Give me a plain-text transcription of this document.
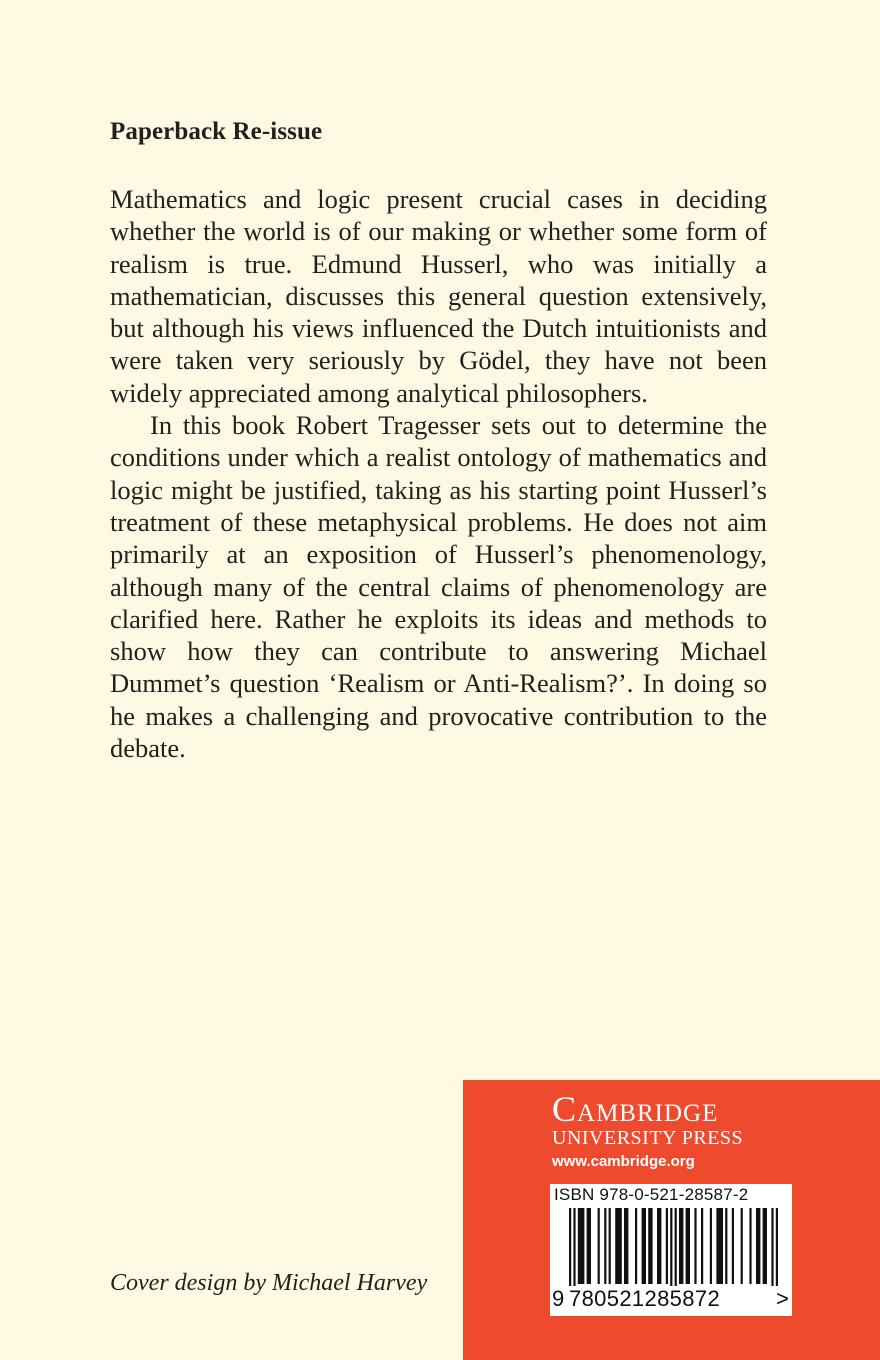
Paperback Re-issue

Mathematics and logic present crucial cases in deciding whether the world is of our making or whether some form of realism is true. Edmund Husserl, who was initially a mathematician, discusses this general question extensively, but although his views influenced the Dutch intuitionists and were taken very seriously by Gödel, they have not been widely appreciated among analytical philosophers.

In this book Robert Tragesser sets out to determine the conditions under which a realist ontology of mathematics and logic might be justified, taking as his starting point Husserl’s treatment of these metaphysical problems. He does not aim primarily at an exposition of Husserl’s phenomenology, although many of the central claims of phenomenology are clarified here. Rather he exploits its ideas and methods to show how they can contribute to answering Michael Dummet’s question ‘Realism or Anti-Realism?’. In doing so he makes a challenging and provocative contribution to the debate.

Cover design by Michael Harvey
Cambridge
UNIVERSITY PRESS
www.cambridge.org
ISBN 978-0-521-28587-2
9 780521285872	>
